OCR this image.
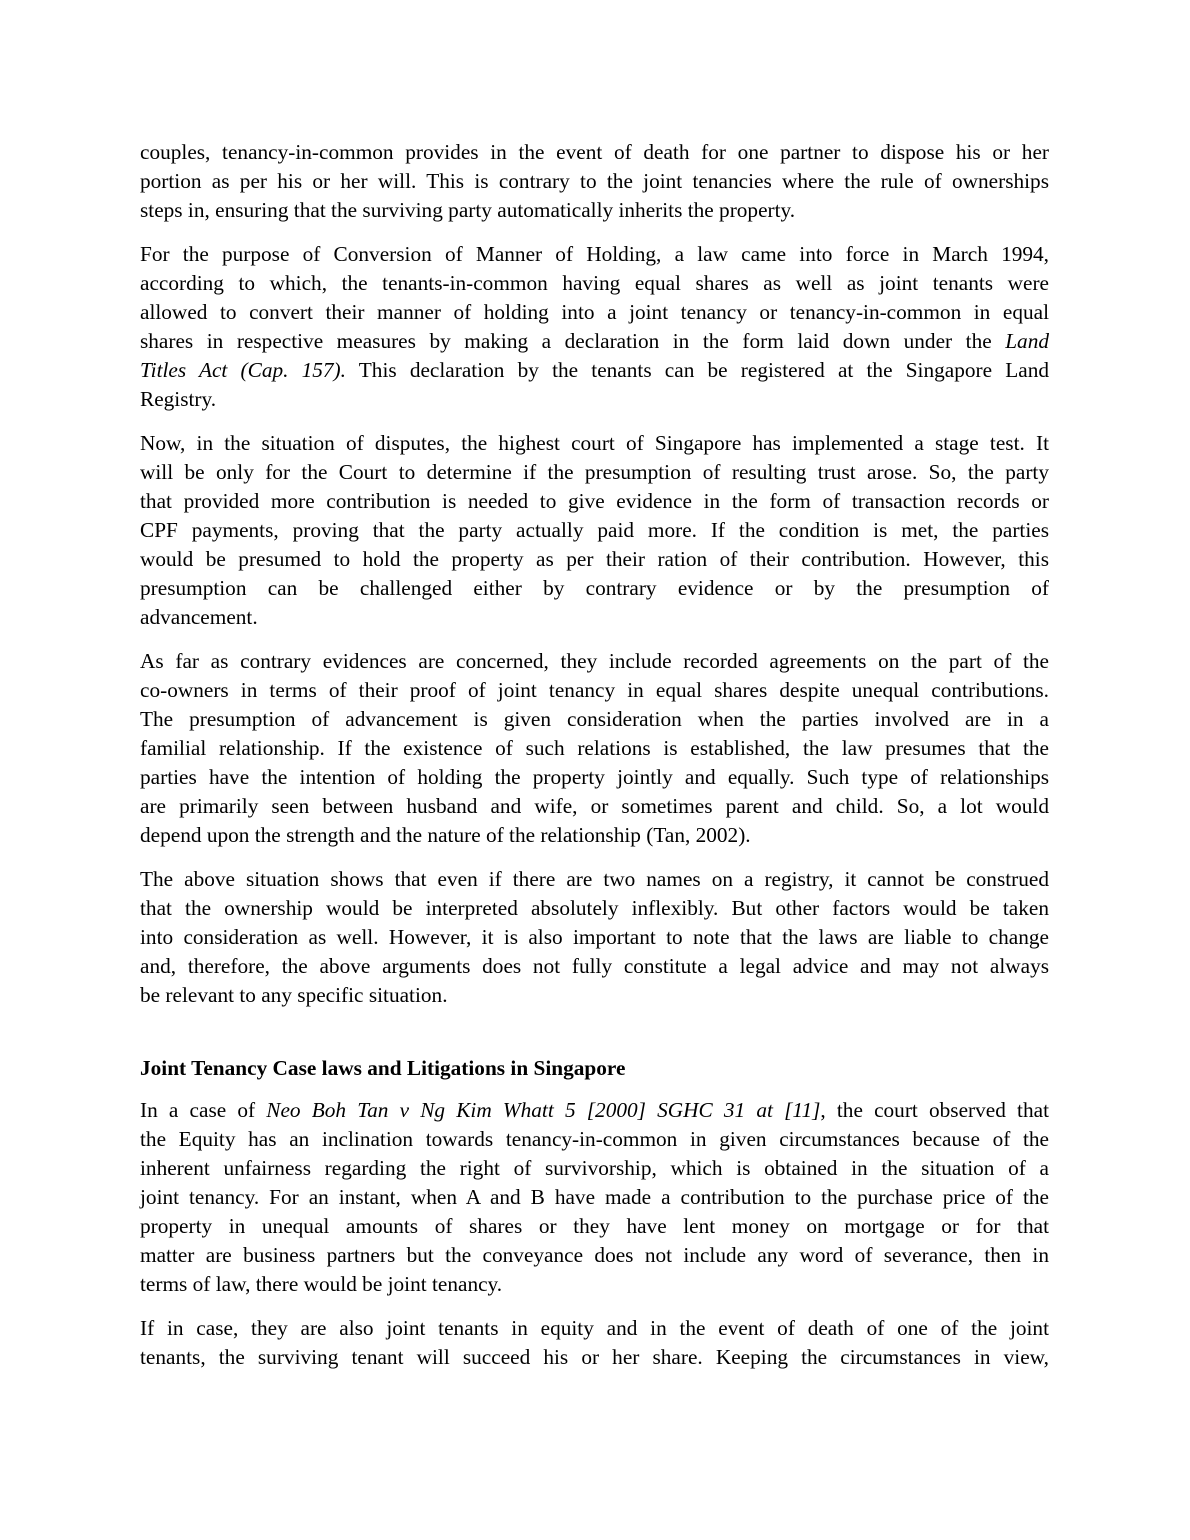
couples, tenancy-in-common provides in the event of death for one partner to dispose his or her
portion as per his or her will. This is contrary to the joint tenancies where the rule of ownerships
steps in, ensuring that the surviving party automatically inherits the property.
For the purpose of Conversion of Manner of Holding, a law came into force in March 1994,
according to which, the tenants-in-common having equal shares as well as joint tenants were
allowed to convert their manner of holding into a joint tenancy or tenancy-in-common in equal
shares in respective measures by making a declaration in the form laid down under the Land
Titles Act (Cap. 157). This declaration by the tenants can be registered at the Singapore Land
Registry.
Now, in the situation of disputes, the highest court of Singapore has implemented a stage test. It
will be only for the Court to determine if the presumption of resulting trust arose. So, the party
that provided more contribution is needed to give evidence in the form of transaction records or
CPF payments, proving that the party actually paid more. If the condition is met, the parties
would be presumed to hold the property as per their ration of their contribution. However, this
presumption can be challenged either by contrary evidence or by the presumption of
advancement.
As far as contrary evidences are concerned, they include recorded agreements on the part of the
co-owners in terms of their proof of joint tenancy in equal shares despite unequal contributions.
The presumption of advancement is given consideration when the parties involved are in a
familial relationship. If the existence of such relations is established, the law presumes that the
parties have the intention of holding the property jointly and equally. Such type of relationships
are primarily seen between husband and wife, or sometimes parent and child. So, a lot would
depend upon the strength and the nature of the relationship (Tan, 2002).
The above situation shows that even if there are two names on a registry, it cannot be construed
that the ownership would be interpreted absolutely inflexibly. But other factors would be taken
into consideration as well. However, it is also important to note that the laws are liable to change
and, therefore, the above arguments does not fully constitute a legal advice and may not always
be relevant to any specific situation.
Joint Tenancy Case laws and Litigations in Singapore
In a case of Neo Boh Tan v Ng Kim Whatt 5 [2000] SGHC 31 at [11], the court observed that
the Equity has an inclination towards tenancy-in-common in given circumstances because of the
inherent unfairness regarding the right of survivorship, which is obtained in the situation of a
joint tenancy. For an instant, when A and B have made a contribution to the purchase price of the
property in unequal amounts of shares or they have lent money on mortgage or for that
matter are business partners but the conveyance does not include any word of severance, then in
terms of law, there would be joint tenancy.
If in case, they are also joint tenants in equity and in the event of death of one of the joint
tenants, the surviving tenant will succeed his or her share. Keeping the circumstances in view,
